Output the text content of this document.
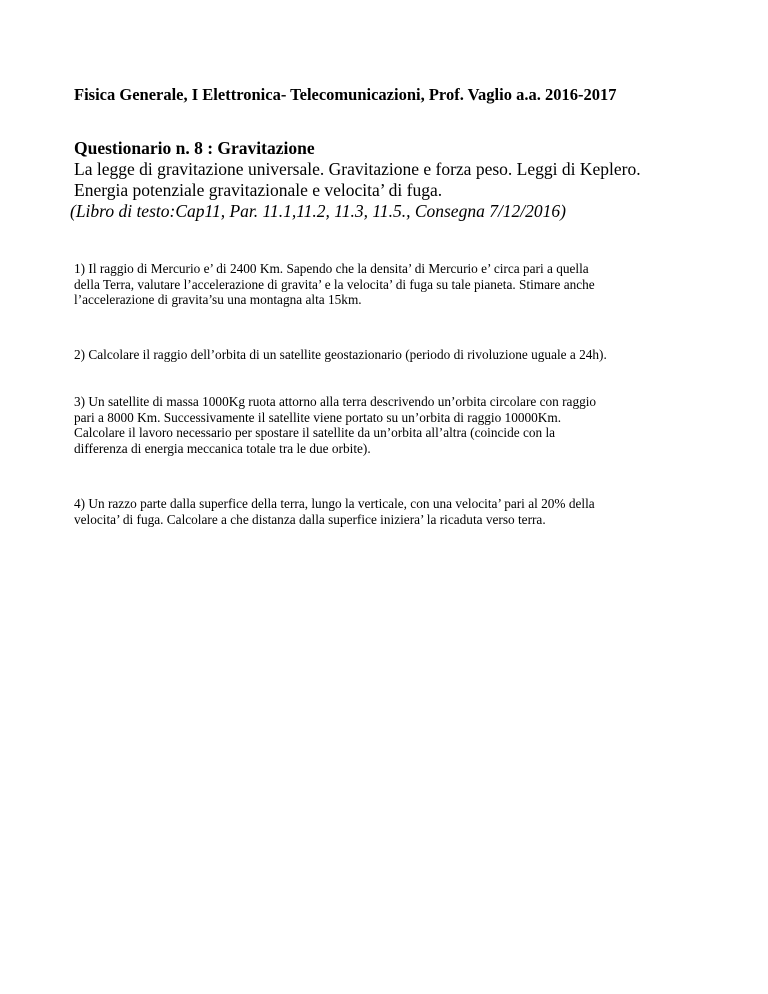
Fisica Generale, I Elettronica- Telecomunicazioni, Prof. Vaglio a.a. 2016-2017
Questionario n. 8 : Gravitazione
La legge di gravitazione universale. Gravitazione e forza peso. Leggi di Keplero.
Energia potenziale gravitazionale e velocita’ di fuga.
(Libro di testo:Cap11, Par. 11.1,11.2, 11.3, 11.5., Consegna 7/12/2016)
1) Il raggio di Mercurio e’ di 2400 Km. Sapendo che la densita’ di Mercurio e’ circa pari a quella
della Terra, valutare l’accelerazione di gravita’ e la velocita’ di fuga su tale pianeta. Stimare anche
l’accelerazione di gravita’su una montagna alta 15km.
2) Calcolare il raggio dell’orbita di un satellite geostazionario (periodo di rivoluzione uguale a 24h).
3) Un satellite di massa 1000Kg ruota attorno alla terra descrivendo un’orbita circolare con raggio
pari a 8000 Km. Successivamente il satellite viene portato su un’orbita di raggio 10000Km.
Calcolare il lavoro necessario per spostare il satellite da un’orbita all’altra (coincide con la
differenza di energia meccanica totale tra le due orbite).
4) Un razzo parte dalla superfice della terra, lungo la verticale, con una velocita’ pari al 20% della
velocita’ di fuga. Calcolare a che distanza dalla superfice iniziera’ la ricaduta verso terra.
